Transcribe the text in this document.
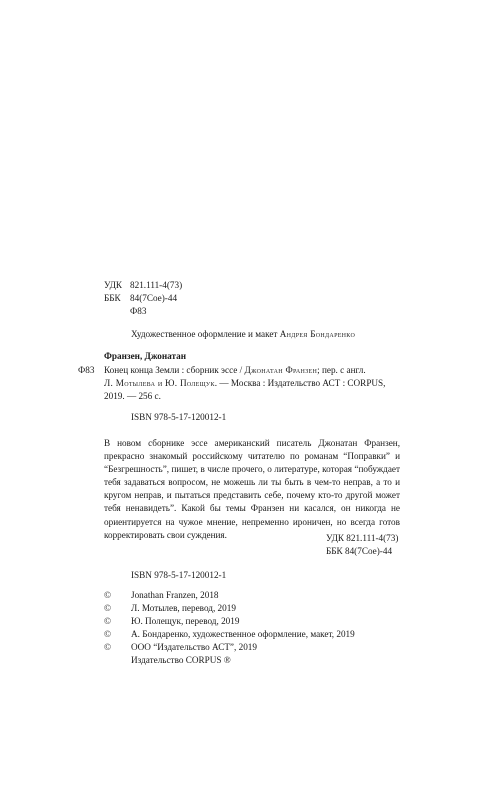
УДК 821.111-4(73)
ББК	84(7Сое)-44
Ф83
Художественное оформление и макет Андрея Бондаренко
Франзен, Джонатан
Ф83 Конец конца Земли : сборник эссе / Джонатан Франзен; пер. с англ.
Л. Мотылева и Ю. Полещук. — Москва : Издательство АСТ : CORPUS,
2019. — 256 с.
ISBN 978-5-17-120012-1
В новом сборнике эссе американский писатель Джонатан Франзен, прекрасно знакомый российскому читателю по романам “Поправки” и “Безгрешность”, пишет, в числе прочего, о литературе, которая “побуждает тебя задаваться вопросом, не можешь ли ты быть в чем-то неправ, а то и кругом неправ, и пытаться представить себе, почему кто-то другой может тебя ненавидеть”. Какой бы темы Франзен ни касался, он никогда не ориентируется на чужое мнение, непременно ироничен, но всегда готов корректировать свои суждения.	УДК 821.111-4(73)
ББК 84(7Сое)-44
ISBN 978-5-17-120012-1
©	Jonathan Franzen, 2018
©	Л. Мотылев, перевод, 2019
©	Ю. Полещук, перевод, 2019
©	А. Бондаренко, художественное оформление, макет, 2019
©	ООО “Издательство АСТ”, 2019
Издательство CORPUS ®
